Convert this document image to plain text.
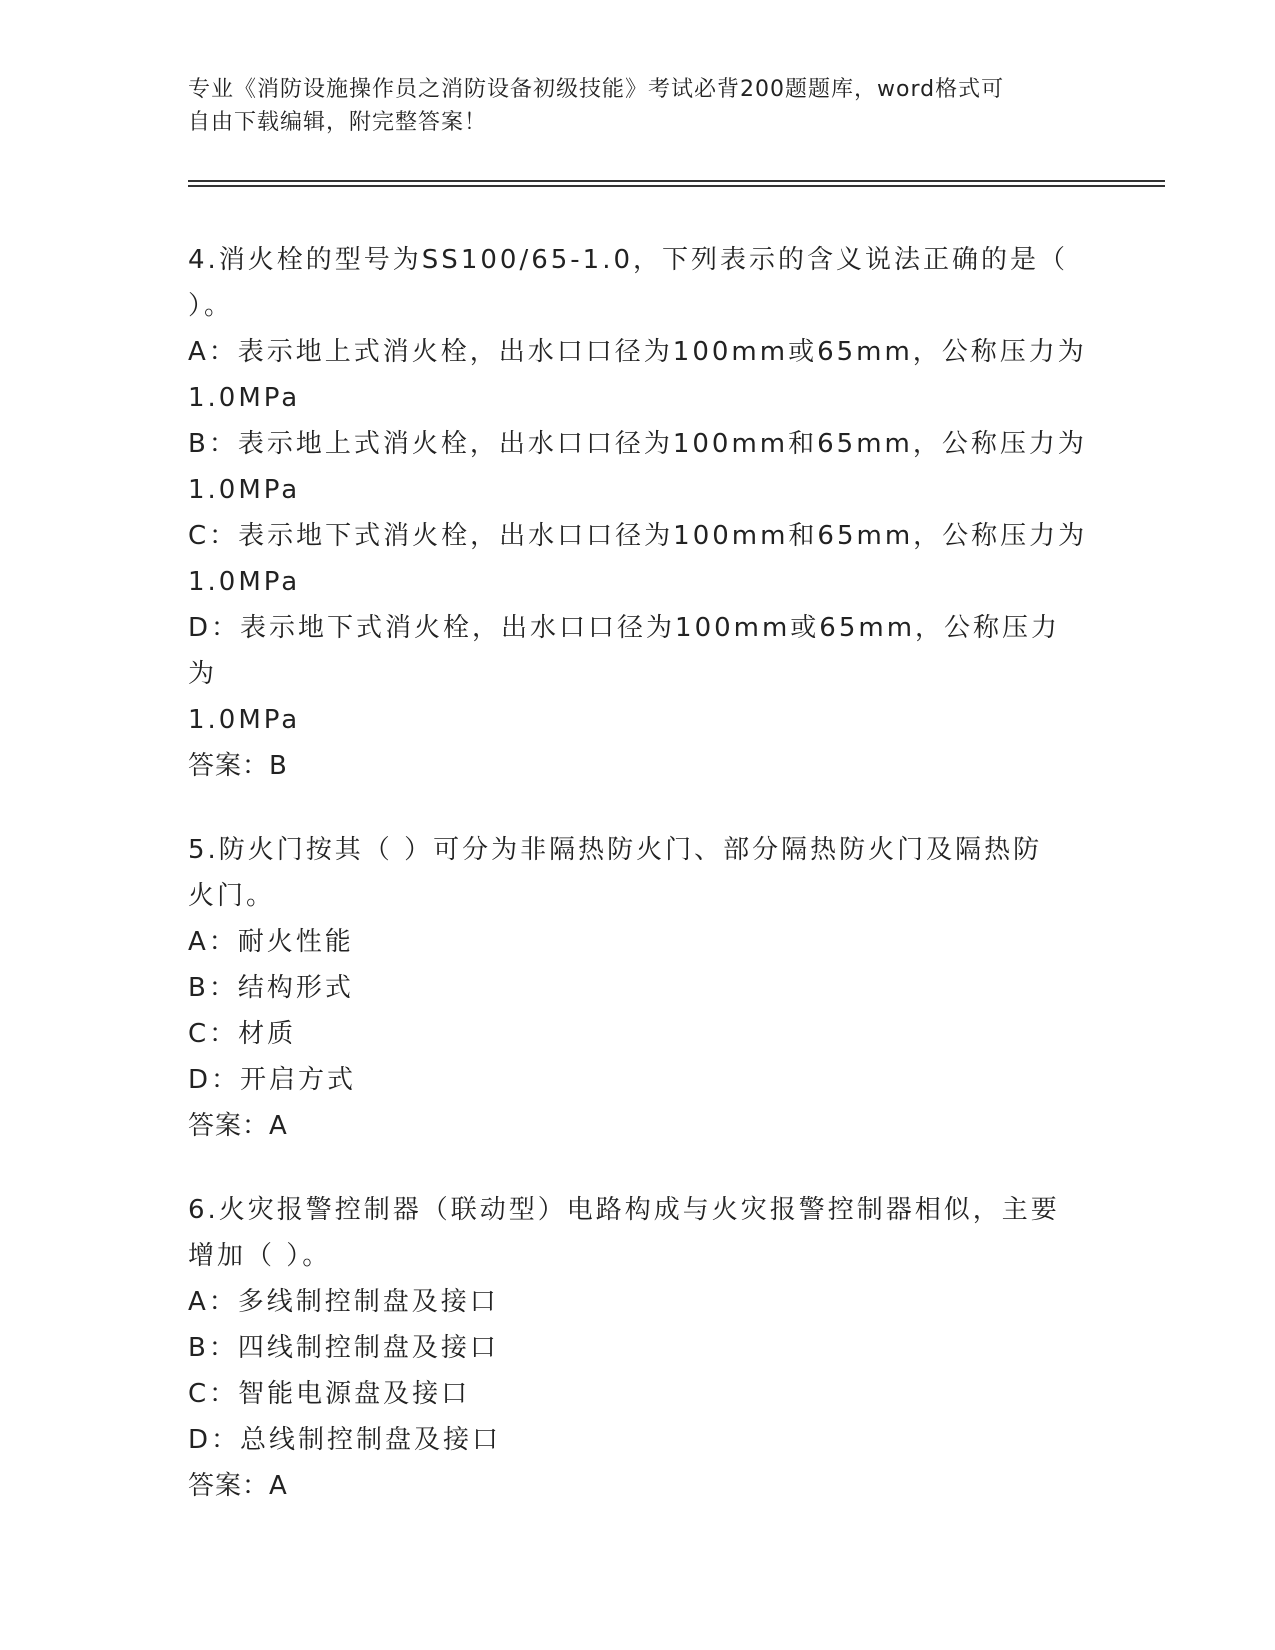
专业《消防设施操作员之消防设备初级技能》考试必背200题题库，word格式可
自由下载编辑，附完整答案！
4.消火栓的型号为SS100/65-1.0，下列表示的含义说法正确的是（
）。
A：表示地上式消火栓，出水口口径为100mm或65mm，公称压力为
1.0MPa
B：表示地上式消火栓，出水口口径为100mm和65mm，公称压力为
1.0MPa
C：表示地下式消火栓，出水口口径为100mm和65mm，公称压力为
1.0MPa
D：表示地下式消火栓，出水口口径为100mm或65mm，公称压力为
1.0MPa
答案：B
5.防火门按其（ ）可分为非隔热防火门、部分隔热防火门及隔热防
火门。
A：耐火性能
B：结构形式
C：材质
D：开启方式
答案：A
6.火灾报警控制器（联动型）电路构成与火灾报警控制器相似，主要
增加（ ）。
A：多线制控制盘及接口
B：四线制控制盘及接口
C：智能电源盘及接口
D：总线制控制盘及接口
答案：A
